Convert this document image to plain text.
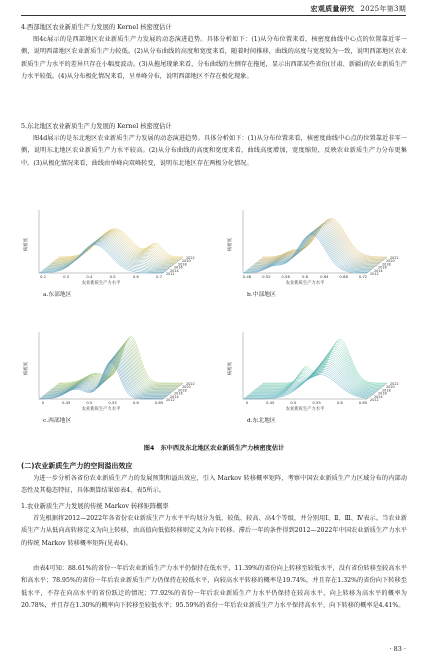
宏观质量研究 2025年第3期
4.西部地区农业新质生产力发展的 Kernel 核密度估计
图4c展示的是西部地区农业新质生产力发展的动态演进趋势。具体分析如下：(1)从分布位置来看，核密度曲线中心点的位置靠近零一侧，说明西部地区农业新质生产力较低。(2)从分布曲线的高度和宽度来看，随着时间推移，曲线的高度与宽度较为一致，说明西部地区农业新质生产力水平的差异只存在小幅度波动。(3)从拖尾现象来看，分布曲线的左侧存在拖尾，显示出西部某些省份(甘肃、新疆)的农业新质生产力水平较低。(4)从分布极化情况来看，呈单峰分布，说明西部地区不存在极化现象。
5.东北地区农业新质生产力发展的 Kernel 核密度估计
图4d展示的是东北地区农业新质生产力发展的动态演进趋势。具体分析如下：(1)从分布位置来看，核密度曲线中心点的位置靠近非零一侧，说明东北地区农业新质生产力水平较高。(2)从分布曲线的高度和宽度来看，曲线高度增加，宽度缩短，反映农业新质生产力分布更集中。(3)从极化情况来看，曲线由单峰向双峰转变，说明东北地区存在两极分化情况。
核密度
0.2	0.3	0.4	0.5	0.6	0.7
农业新质生产力水平
2012
2014
2016
2018
2020
2022
a.东部地区
核密度
0.48	0.52	0.56	0.6	0.64	0.68	0.72
农业新质生产力水平
2012
2014
2016
2018
2020
2022
b.中部地区
核密度
0	0.45	0.5	0.55	0.6	0.65
农业新质生产力水平
2012
2014
2016
2018
2020
2022
c.西部地区
核密度
0	0.45	0.5	0.55	0.6	0.65
农业新质生产力水平
2012
2014
2016
2018
2020
2022
d.东北地区
图4　东中西及东北地区农业新质生产力核密度估计
(二)农业新质生产力的空间溢出效应
为进一步分析各省份农业新质生产力的发展预期和溢出效应，引入 Markov 转移概率矩阵，考察中国农业新质生产力区域分布的内部动态性及其稳态特征，具体测算结果如表4、表5所示。
1.农业新质生产力发展的传统 Markov 转移矩阵概率
首先根据将2012—2022年各省份农业新质生产力水平平均划分为低、较低、较高、高4个等级，并分别用Ⅰ、Ⅱ、Ⅲ、Ⅳ表示。当农业新质生产力从低向高转移定义为向上转移，由高值向低值转移则定义为向下转移。滞后一年的条件得到2012—2022年中国农业新质生产力水平的传统 Markov 转移概率矩阵(见表4)。
由表4可知：88.61%的省份一年后农业新质生产力水平仍保持在低水平，11.39%的省份向上转移至较低水平，没有省份转移至较高水平和高水平；78.95%的省份一年后农业新质生产力仍保持在较低水平，向较高水平转移的概率是19.74%，并且存在1.32%的省份向下转移至低水平，不存在向高水平的省份跃迁的情况；77.92%的省份一年后农业新质生产力水平仍保持在较高水平，向上转移为高水平的概率为20.78%，并且存在1.30%的概率向下转移至较低水平；95.59%的省份一年后农业新质生产力水平保持高水平，向下转移的概率是4.41%。
· 83 ·
